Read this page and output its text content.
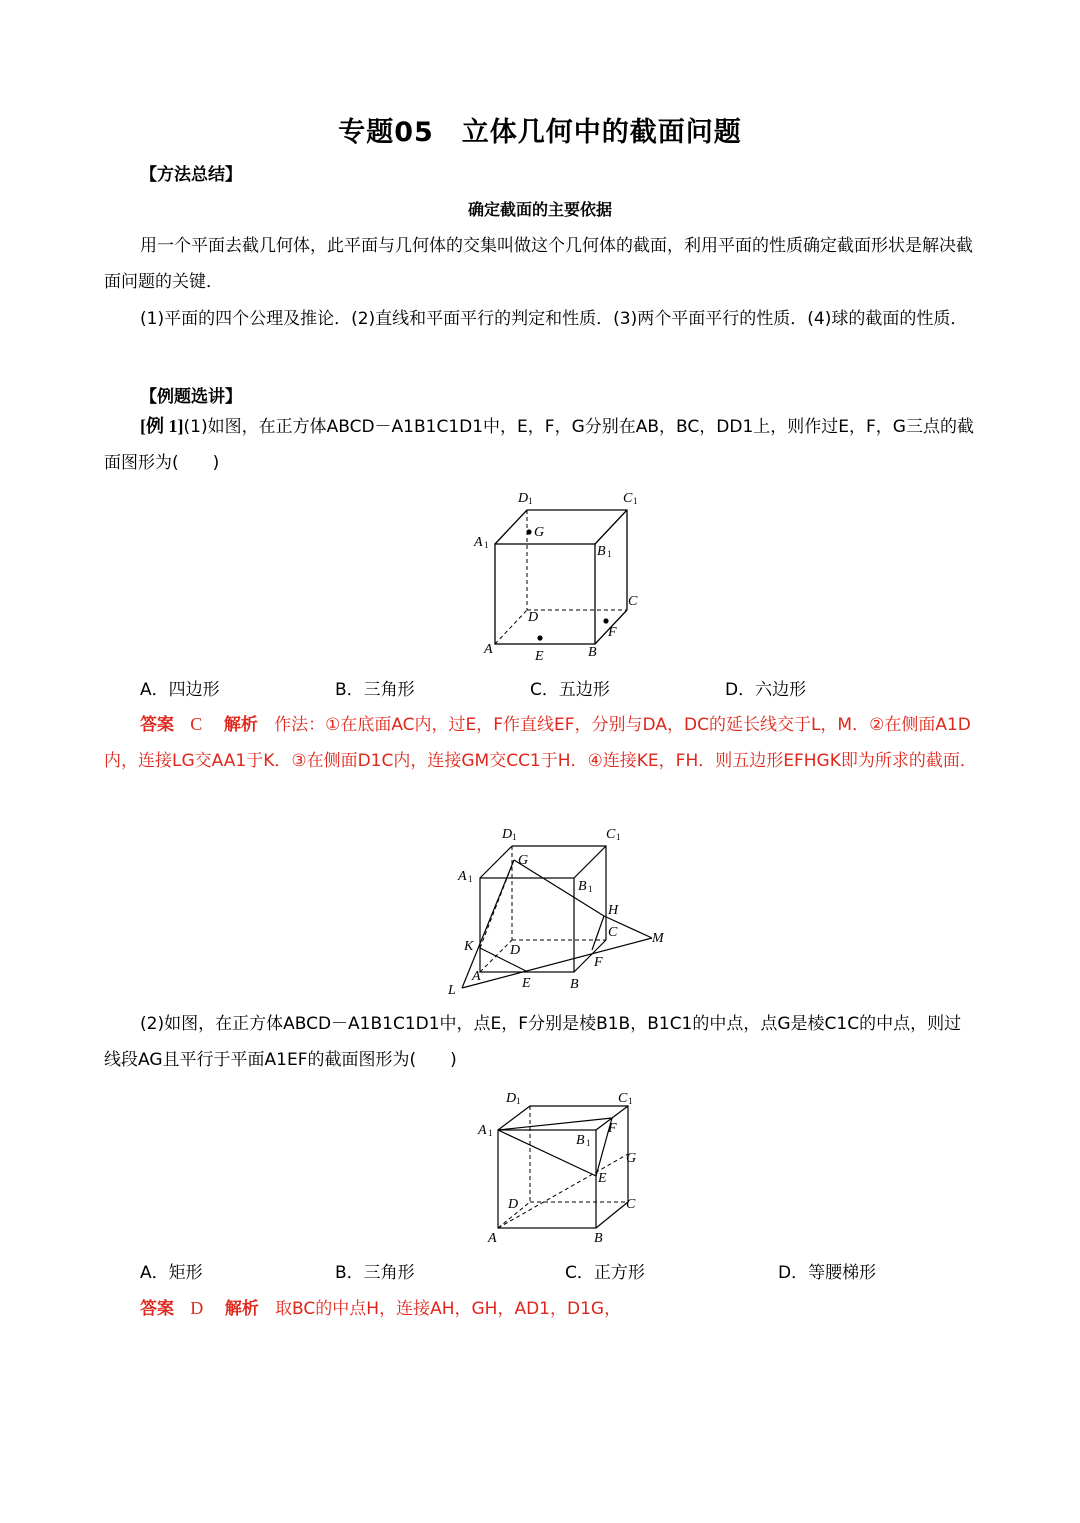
专题05　立体几何中的截面问题
【方法总结】
确定截面的主要依据
用一个平面去截几何体，此平面与几何体的交集叫做这个几何体的截面，利用平面的性质确定截面形状是解决截面问题的关键．
(1)平面的四个公理及推论．(2)直线和平面平行的判定和性质．(3)两个平面平行的性质．(4)球的截面的性质．
【例题选讲】
[例 1](1)如图，在正方体ABCD－A1B1C1D1中，E，F，G分别在AB，BC，DD1上，则作过E，F，G三点的截面图形为(　　)
D 1	C 1
A 1	B 1
G
D
C
F
A	E	B
A．四边形	B．三角形	C．五边形	D．六边形
答案 C 解析 作法：①在底面AC内，过E，F作直线EF，分别与DA，DC的延长线交于L，M．②在侧面A1D内，连接LG交AA1于K．③在侧面D1C内，连接GM交CC1于H．④连接KE，FH．则五边形EFHGK即为所求的截面．
D 1	C 1
A 1
G
B 1
H
C M
K	D
F
E	B
A
L
(2)如图，在正方体ABCD－A1B1C1D1中，点E，F分别是棱B1B，B1C1的中点，点G是棱C1C的中点，则过线段AG且平行于平面A1EF的截面图形为(　　)
D 1	C 1
A 1	F
B 1
G
E
D	C
A	B
A．矩形	B．三角形	C．正方形	D．等腰梯形
答案 D 解析 取BC的中点H，连接AH，GH，AD1，D1G，
